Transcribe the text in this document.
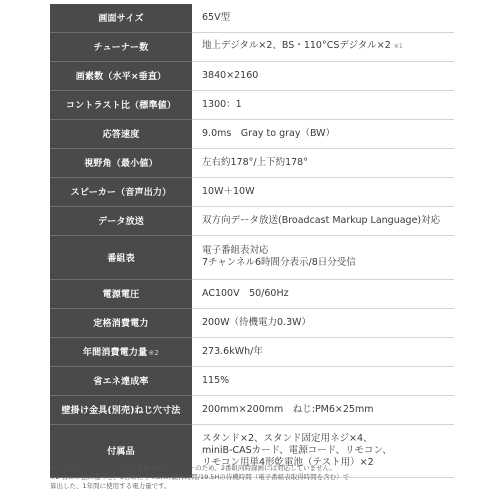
画面サイズ	65V型
チューナー数	地上デジタル×2、BS・110°CSデジタル×2 ※1
画素数（水平×垂直）	3840×2160
コントラスト比（標準値）	1300：1
応答速度	9.0ms　Gray to gray（BW）
視野角（最小値）	左右約178°/上下約178°
スピーカー（音声出力）	10W＋10W
データ放送	双方向データ放送(Broadcast Markup Language)対応
番組表	電子番組表対応
7チャンネル6時間分表示/8日分受信

電源電圧	AC100V　50/60Hz
定格消費電力	200W（待機電力0.3W）
年間消費電力量※2	273.6kWh/年
省エネ達成率	115%
壁掛け金具(別売)ねじ穴寸法	200mm×200mm　ねじ:PM6×25mm
付属品	スタンド×2、スタンド固定用ネジ×4、
miniB-CASカード、電源コード、リモコン、
リモコン用単4形乾電池（テスト用）×2
※1 ダブルチューナーの1つは視聴専用チューナーのため、2番組同時録画には対応していません。
※2 省エネ法に基づき、1日あたり4.5Hの動作時間/19.5Hの待機時間（電子番組表取得時間を含む）で
算出した、1年間に使用する電力量です。
